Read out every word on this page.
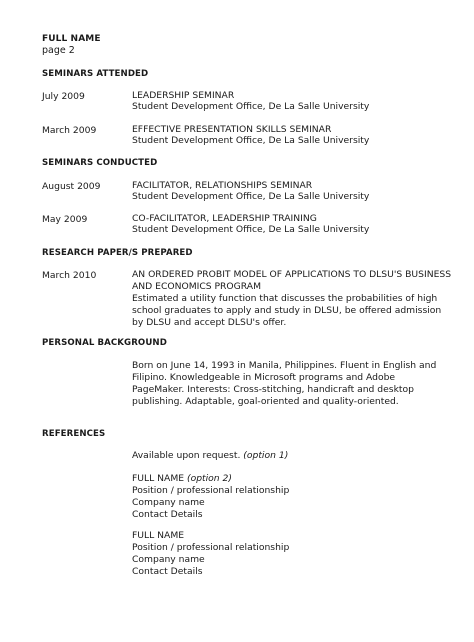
FULL NAME
page 2
SEMINARS ATTENDED
July 2009	LEADERSHIP SEMINAR
Student Development Office, De La Salle University
March 2009	EFFECTIVE PRESENTATION SKILLS SEMINAR
Student Development Office, De La Salle University
SEMINARS CONDUCTED
August 2009	FACILITATOR, RELATIONSHIPS SEMINAR
Student Development Office, De La Salle University
May 2009	CO-FACILITATOR, LEADERSHIP TRAINING
Student Development Office, De La Salle University
RESEARCH PAPER/S PREPARED
March 2010	AN ORDERED PROBIT MODEL OF APPLICATIONS TO DLSU'S BUSINESS
AND ECONOMICS PROGRAM
Estimated a utility function that discusses the probabilities of high
school graduates to apply and study in DLSU, be offered admission
by DLSU and accept DLSU's offer.
PERSONAL BACKGROUND
Born on June 14, 1993 in Manila, Philippines. Fluent in English and
Filipino. Knowledgeable in Microsoft programs and Adobe
PageMaker. Interests: Cross-stitching, handicraft and desktop
publishing. Adaptable, goal-oriented and quality-oriented.
REFERENCES
Available upon request. (option 1)
FULL NAME (option 2)
Position / professional relationship
Company name
Contact Details
FULL NAME
Position / professional relationship
Company name
Contact Details
